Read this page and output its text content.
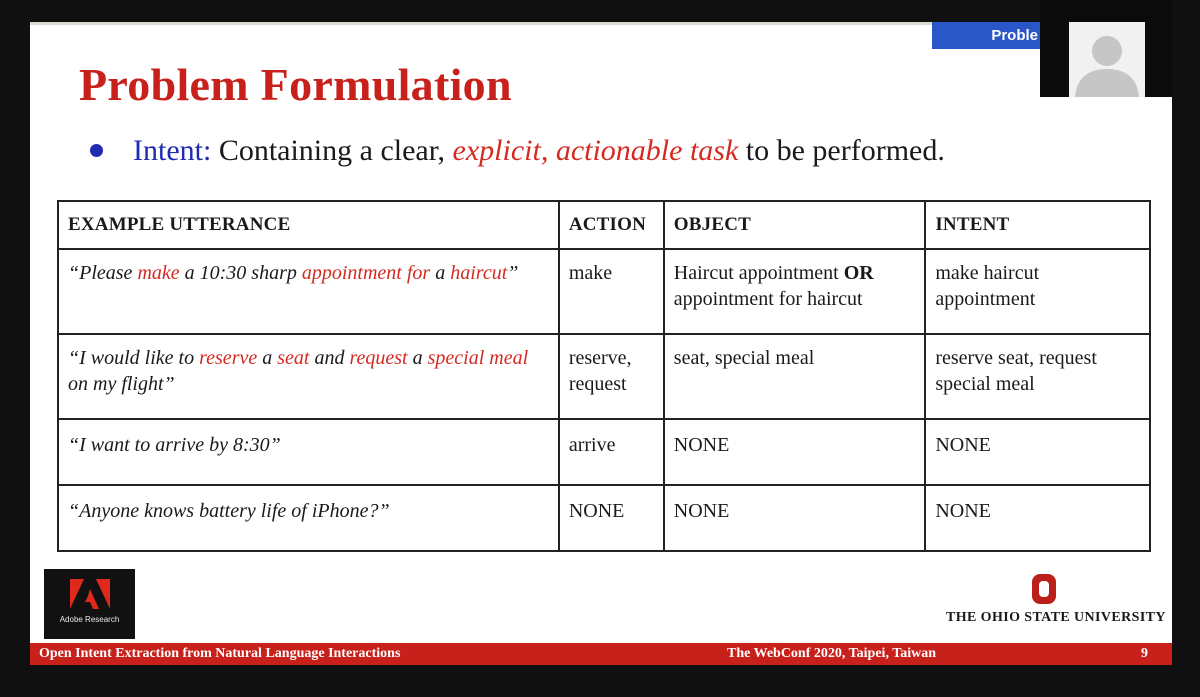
Problem Formulation
Intent: Containing a clear, explicit, actionable task to be performed.
EXAMPLE UTTERANCE	ACTION	OBJECT	INTENT
“Please make a 10:30 sharp appointment for a haircut”	make	Haircut appointment OR appointment for haircut	make haircut appointment
“I would like to reserve a seat and request a special meal on my flight”	reserve, request	seat, special meal	reserve seat, request special meal
“I want to arrive by 8:30”	arrive	NONE	NONE
“Anyone knows battery life of iPhone?”	NONE	NONE	NONE
Adobe Research	THE OHIO STATE UNIVERSITY
Open Intent Extraction from Natural Language Interactions	The WebConf 2020, Taipei, Taiwan	9
Proble
